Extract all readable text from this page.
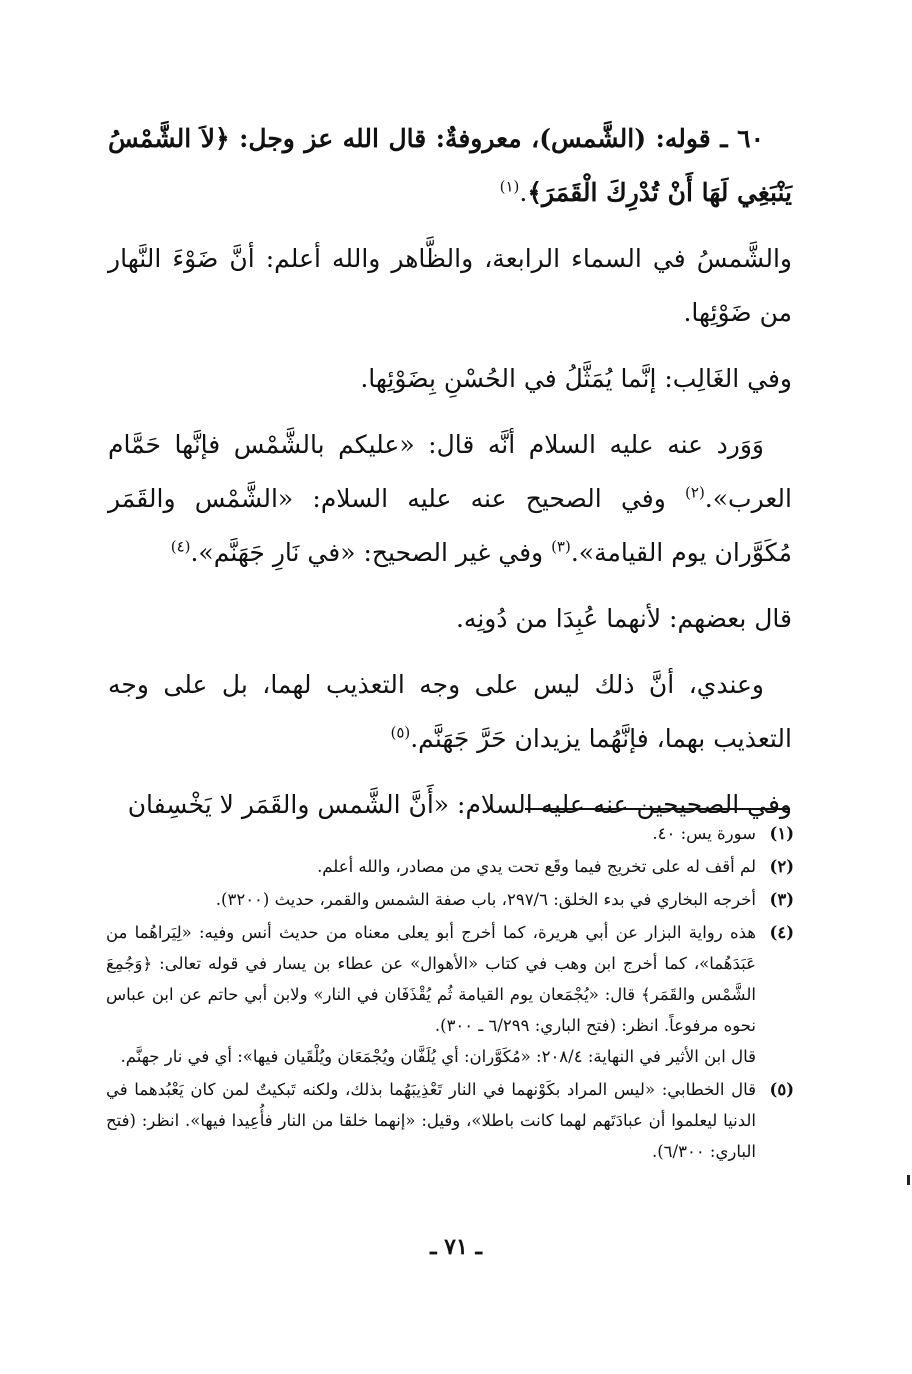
٦٠ ـ قوله: (الشَّمس)، معروفةٌ: قال الله عز وجل: ﴿لاَ الشَّمْسُ يَنْبَغِي لَهَا أَنْ تُدْرِكَ الْقَمَرَ﴾.$^{(١)}$

والشَّمسُ في السماء الرابعة، والظَّاهر والله أعلم: أنَّ ضَوْءَ النَّهار من ضَوْئِها.

وفي الغَالِب: إنَّما يُمَثَّلُ في الحُسْنِ بِضَوْئِها.

وَوَرد عنه عليه السلام أنَّه قال: «عليكم بالشَّمْس فإنَّها حَمَّام العرب».$^{(٢)}$ وفي الصحيح عنه عليه السلام: «الشَّمْس والقَمَر مُكَوَّران يوم القيامة».$^{(٣)}$ وفي غير الصحيح: «في نَارِ جَهَنَّم».$^{(٤)}$

قال بعضهم: لأنهما عُبِدَا من دُونِه.

وعندي، أنَّ ذلك ليس على وجه التعذيب لهما، بل على وجه التعذيب بهما، فإنَّهُما يزيدان حَرَّ جَهَنَّم.$^{(٥)}$

وفي الصحيحين عنه عليه السلام: «أَنَّ الشَّمس والقَمَر لا يَخْسِفان

(١)

سورة يس: ٤٠.

(٢)

لم أقف له على تخريج فيما وقَع تحت يدي من مصادر، والله أعلم.

(٣)

أخرجه البخاري في بدء الخلق: ٢٩٧/٦، باب صفة الشمس والقمر، حديث (٣٢٠٠).

(٤)

هذه رواية البزار عن أبي هريرة، كما أخرج أبو يعلى معناه من حديث أنس وفيه: «لِيَراهُما من عَبَدَهُما»، كما أخرج ابن وهب في كتاب «الأهوال» عن عطاء بن يسار في قوله تعالى: ﴿وَجُمِعَ الشَّمْس والقَمَر﴾ قال: «يُجْمَعان يوم القيامة ثُم يُقْذَفَان في النار» ولابن أبي حاتم عن ابن عباس نحوه مرفوعاً. انظر: (فتح الباري: ٦/٢٩٩ ـ ٣٠٠).

قال ابن الأثير في النهاية: ٢٠٨/٤: «مُكَوَّران: أي يُلَفَّان ويُجْمَعَان ويُلْقَيان فيها»: أي في نار جهنَّم.

(٥)

قال الخطابي: «ليس المراد بكَوْنهما في النار تَعْذِيبَهُما بذلك، ولكنه تَبكيتٌ لمن كان يَعْبُدهما في الدنيا ليعلموا أن عبادَتَهم لهما كانت باطلا»، وقيل: «إنهما خلقا من النار فأُعِيدا فيها». انظر: (فتح الباري: ٦/٣٠٠).

ـ ٧١ ـ
